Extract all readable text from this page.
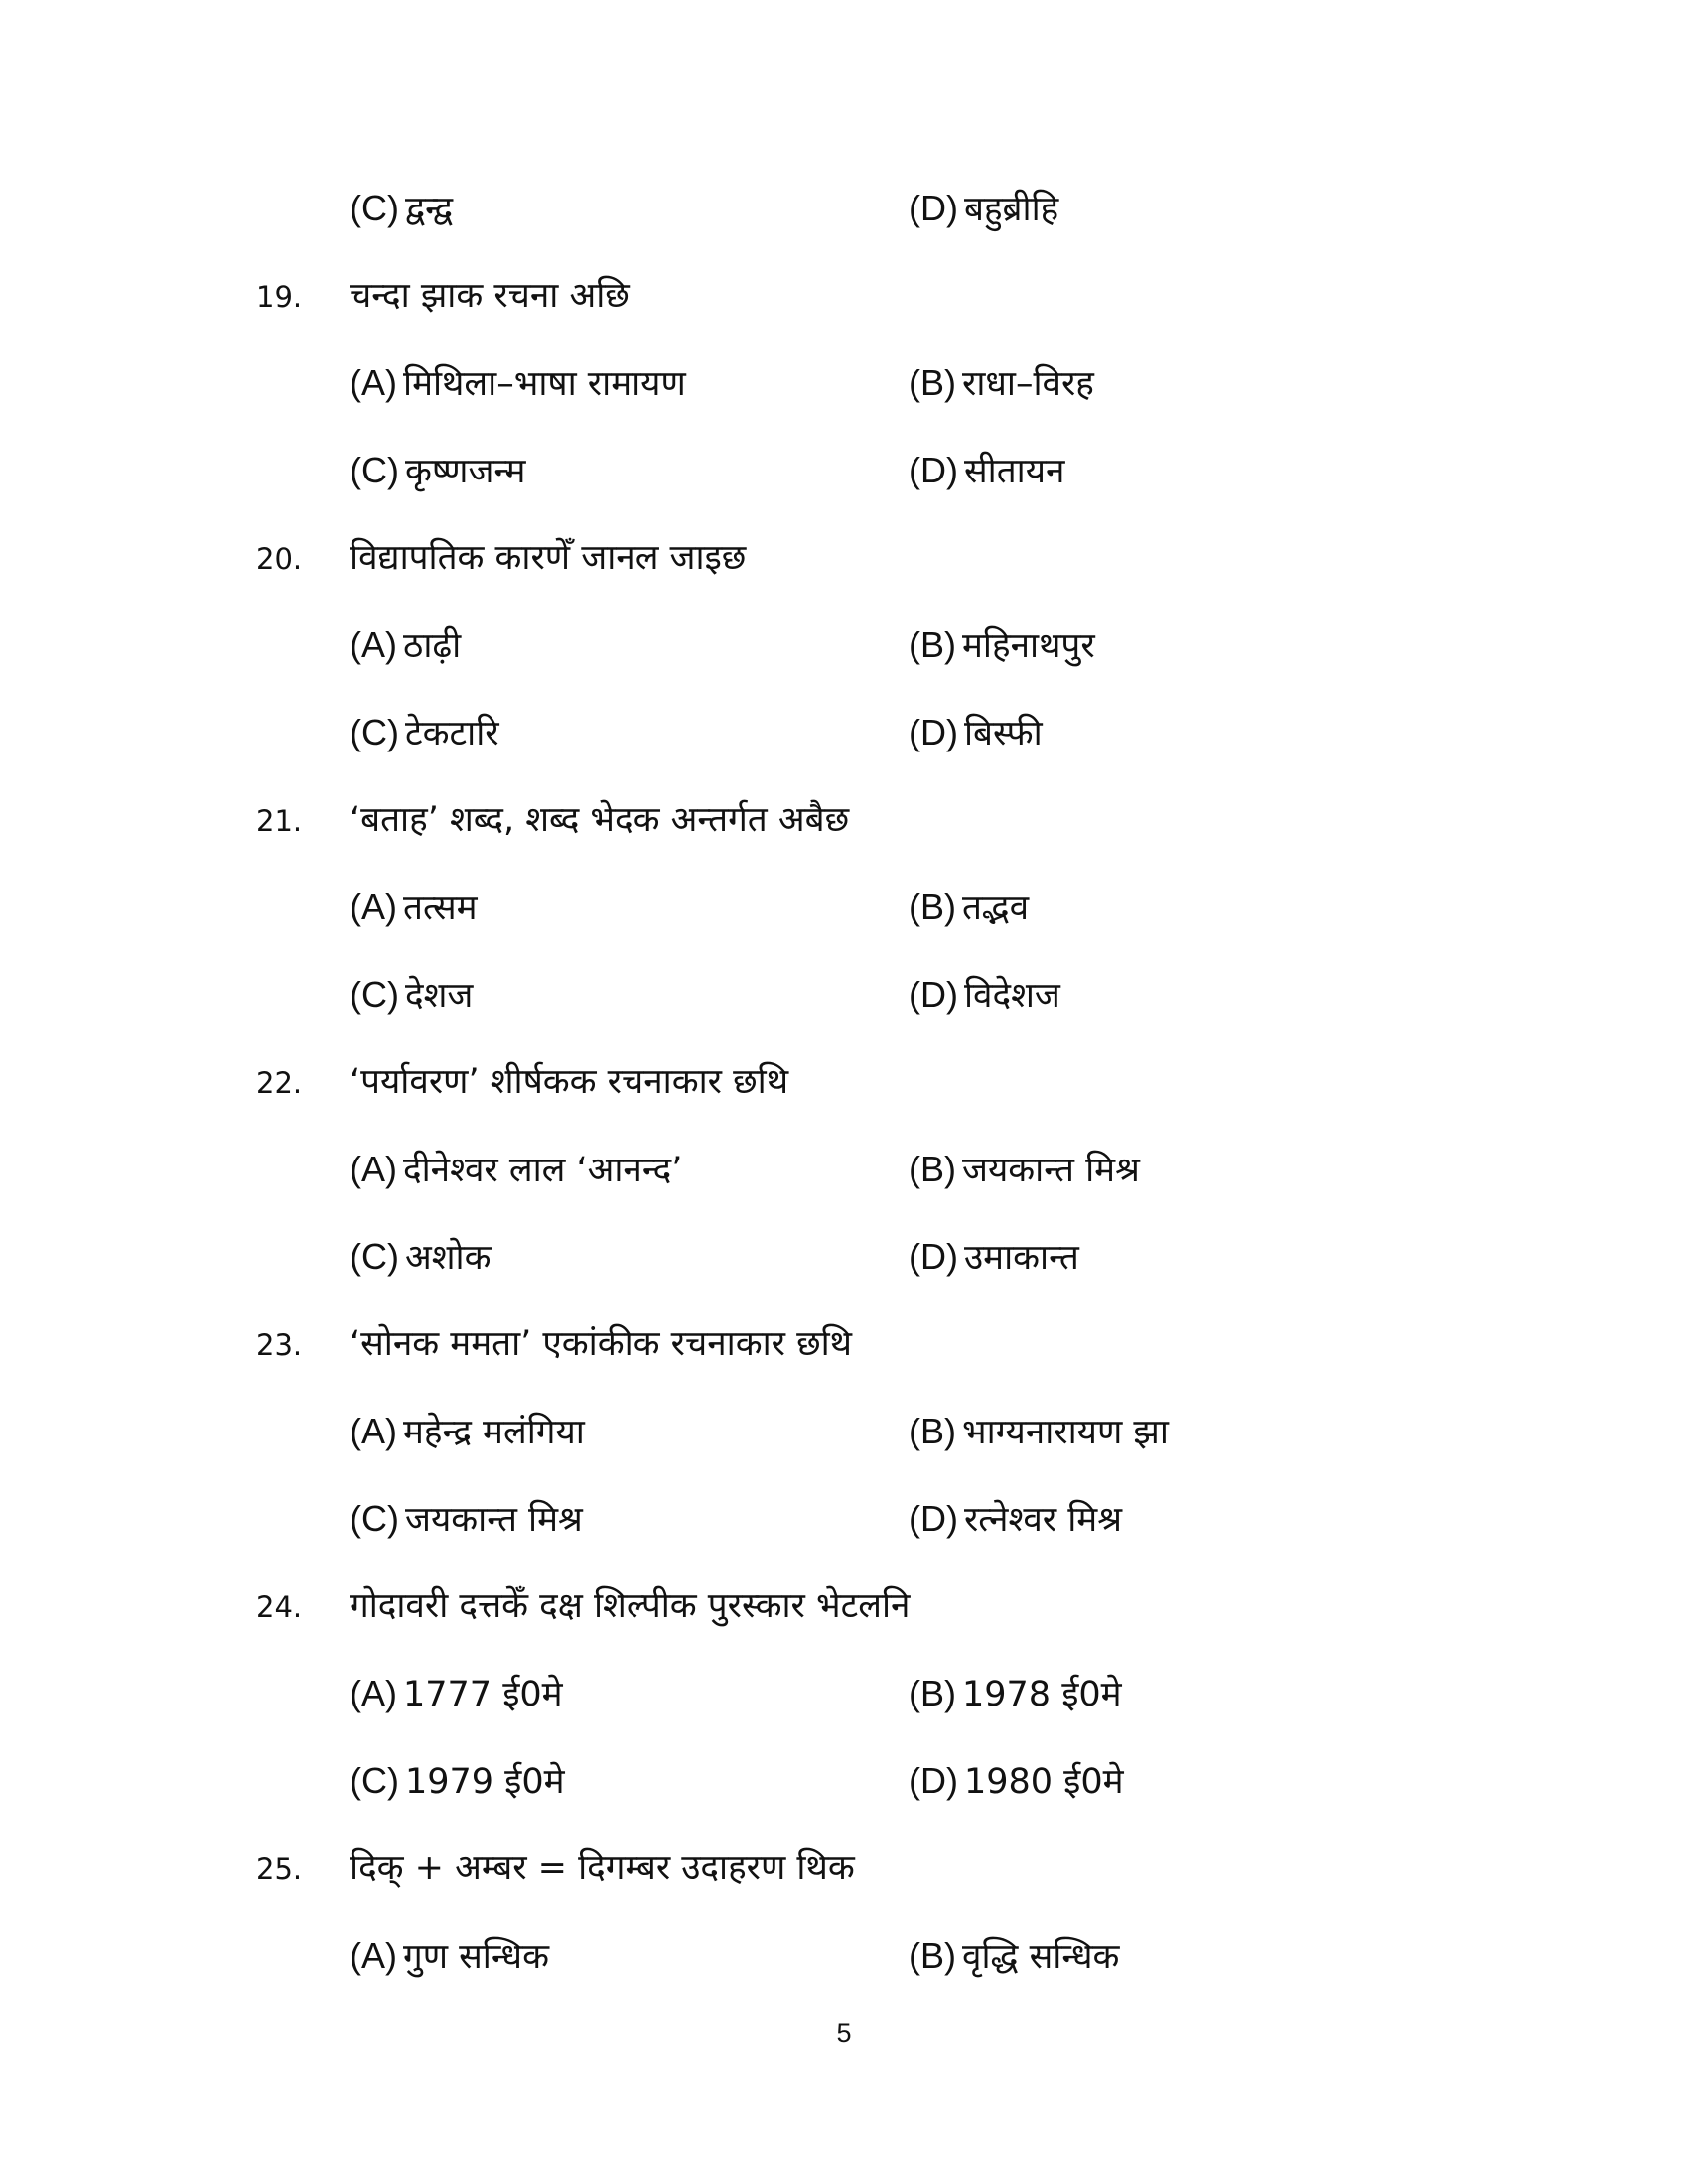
(C) द्वन्द्व	(D) बहुब्रीहि
19. चन्दा झाक रचना अछि
(A) मिथिला–भाषा रामायण	(B) राधा–विरह
(C) कृष्णजन्म	(D) सीतायन
20. विद्यापतिक कारणेँ जानल जाइछ
(A) ठाढ़ी	(B) महिनाथपुर
(C) टेकटारि	(D) बिस्फी
21. ‘बताह’ शब्द, शब्द भेदक अन्तर्गत अबैछ
(A) तत्सम	(B) तद्भव
(C) देशज	(D) विदेशज
22. ‘पर्यावरण’ शीर्षकक रचनाकार छथि
(A) दीनेश्वर लाल ‘आनन्द’	(B) जयकान्त मिश्र
(C) अशोक	(D) उमाकान्त
23. ‘सोनक ममता’ एकांकीक रचनाकार छथि
(A) महेन्द्र मलंगिया	(B) भाग्यनारायण झा
(C) जयकान्त मिश्र	(D) रत्नेश्वर मिश्र
24. गोदावरी दत्तकेँ दक्ष शिल्पीक पुरस्कार भेटलनि
(A) 1777 ई0मे	(B) 1978 ई0मे
(C) 1979 ई0मे	(D) 1980 ई0मे
25. दिक् + अम्बर = दिगम्बर उदाहरण थिक
(A) गुण सन्धिक	(B) वृद्धि सन्धिक
5
